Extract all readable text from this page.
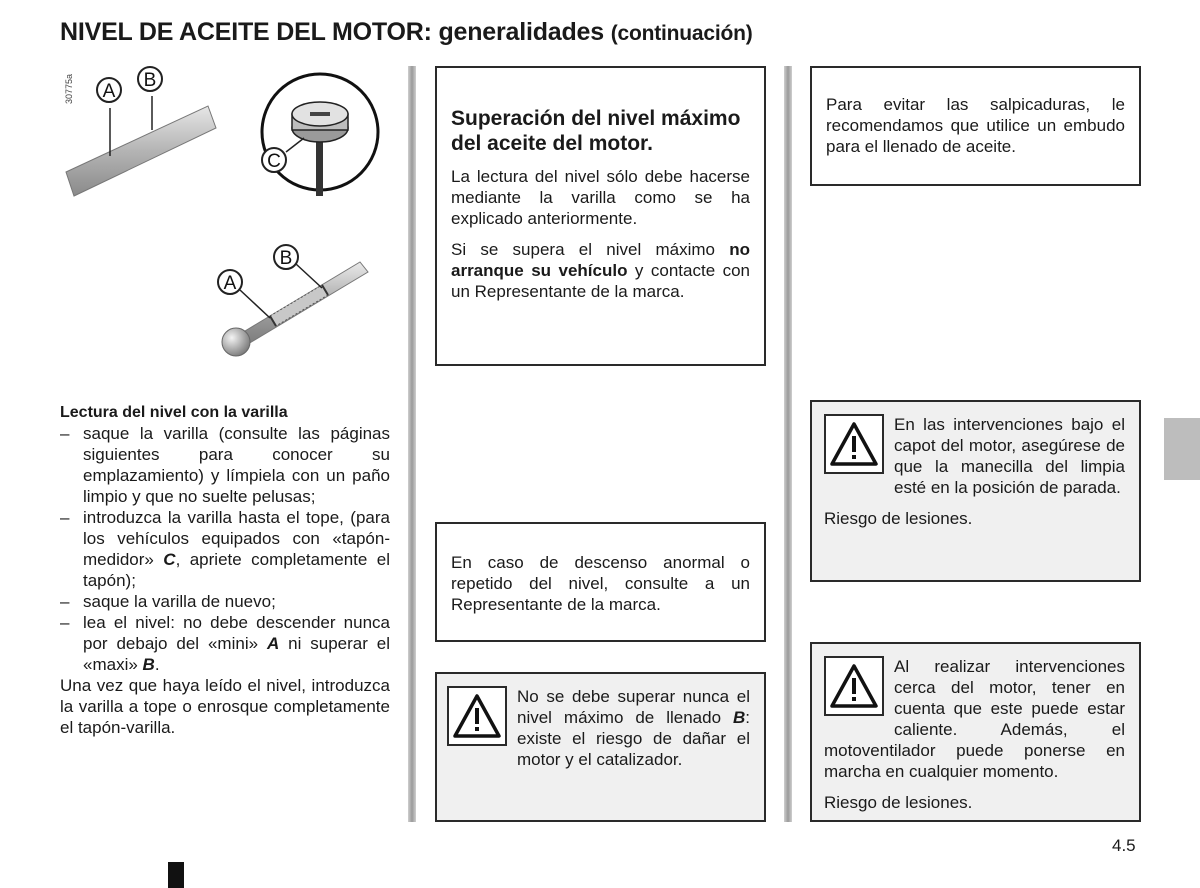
NIVEL DE ACEITE DEL MOTOR: generalidades (continuación)
A
B
30775a
C
A
B
Lectura del nivel con la varilla
– saque la varilla (consulte las páginas siguientes para conocer su emplazamiento) y límpiela con un paño limpio y que no suelte pelusas;
– introduzca la varilla hasta el tope, (para los vehículos equipados con «tapón-medidor» C, apriete completamente el tapón);
– saque la varilla de nuevo;
– lea el nivel: no debe descender nunca por debajo del «mini» A ni superar el «maxi» B.
Una vez que haya leído el nivel, introduzca la varilla a tope o enrosque completamente el tapón-varilla.
Superación del nivel máximo del aceite del motor.

La lectura del nivel sólo debe hacerse mediante la varilla como se ha explicado anteriormente.

Si se supera el nivel máximo no arranque su vehículo y contacte con un Representante de la marca.

En caso de descenso anormal o repetido del nivel, consulte a un Representante de la marca.
No se debe superar nunca el nivel máximo de llenado B: existe el riesgo de dañar el motor y el catalizador.
Para evitar las salpicaduras, le recomendamos que utilice un embudo para el llenado de aceite.

En las intervenciones bajo el capot del motor, asegúrese de que la manecilla del limpia esté en la posición de parada.

Riesgo de lesiones.

Al realizar intervenciones cerca del motor, tener en cuenta que este puede estar caliente. Además, el motoventilador puede ponerse en marcha en cualquier momento.

Riesgo de lesiones.

4.5
